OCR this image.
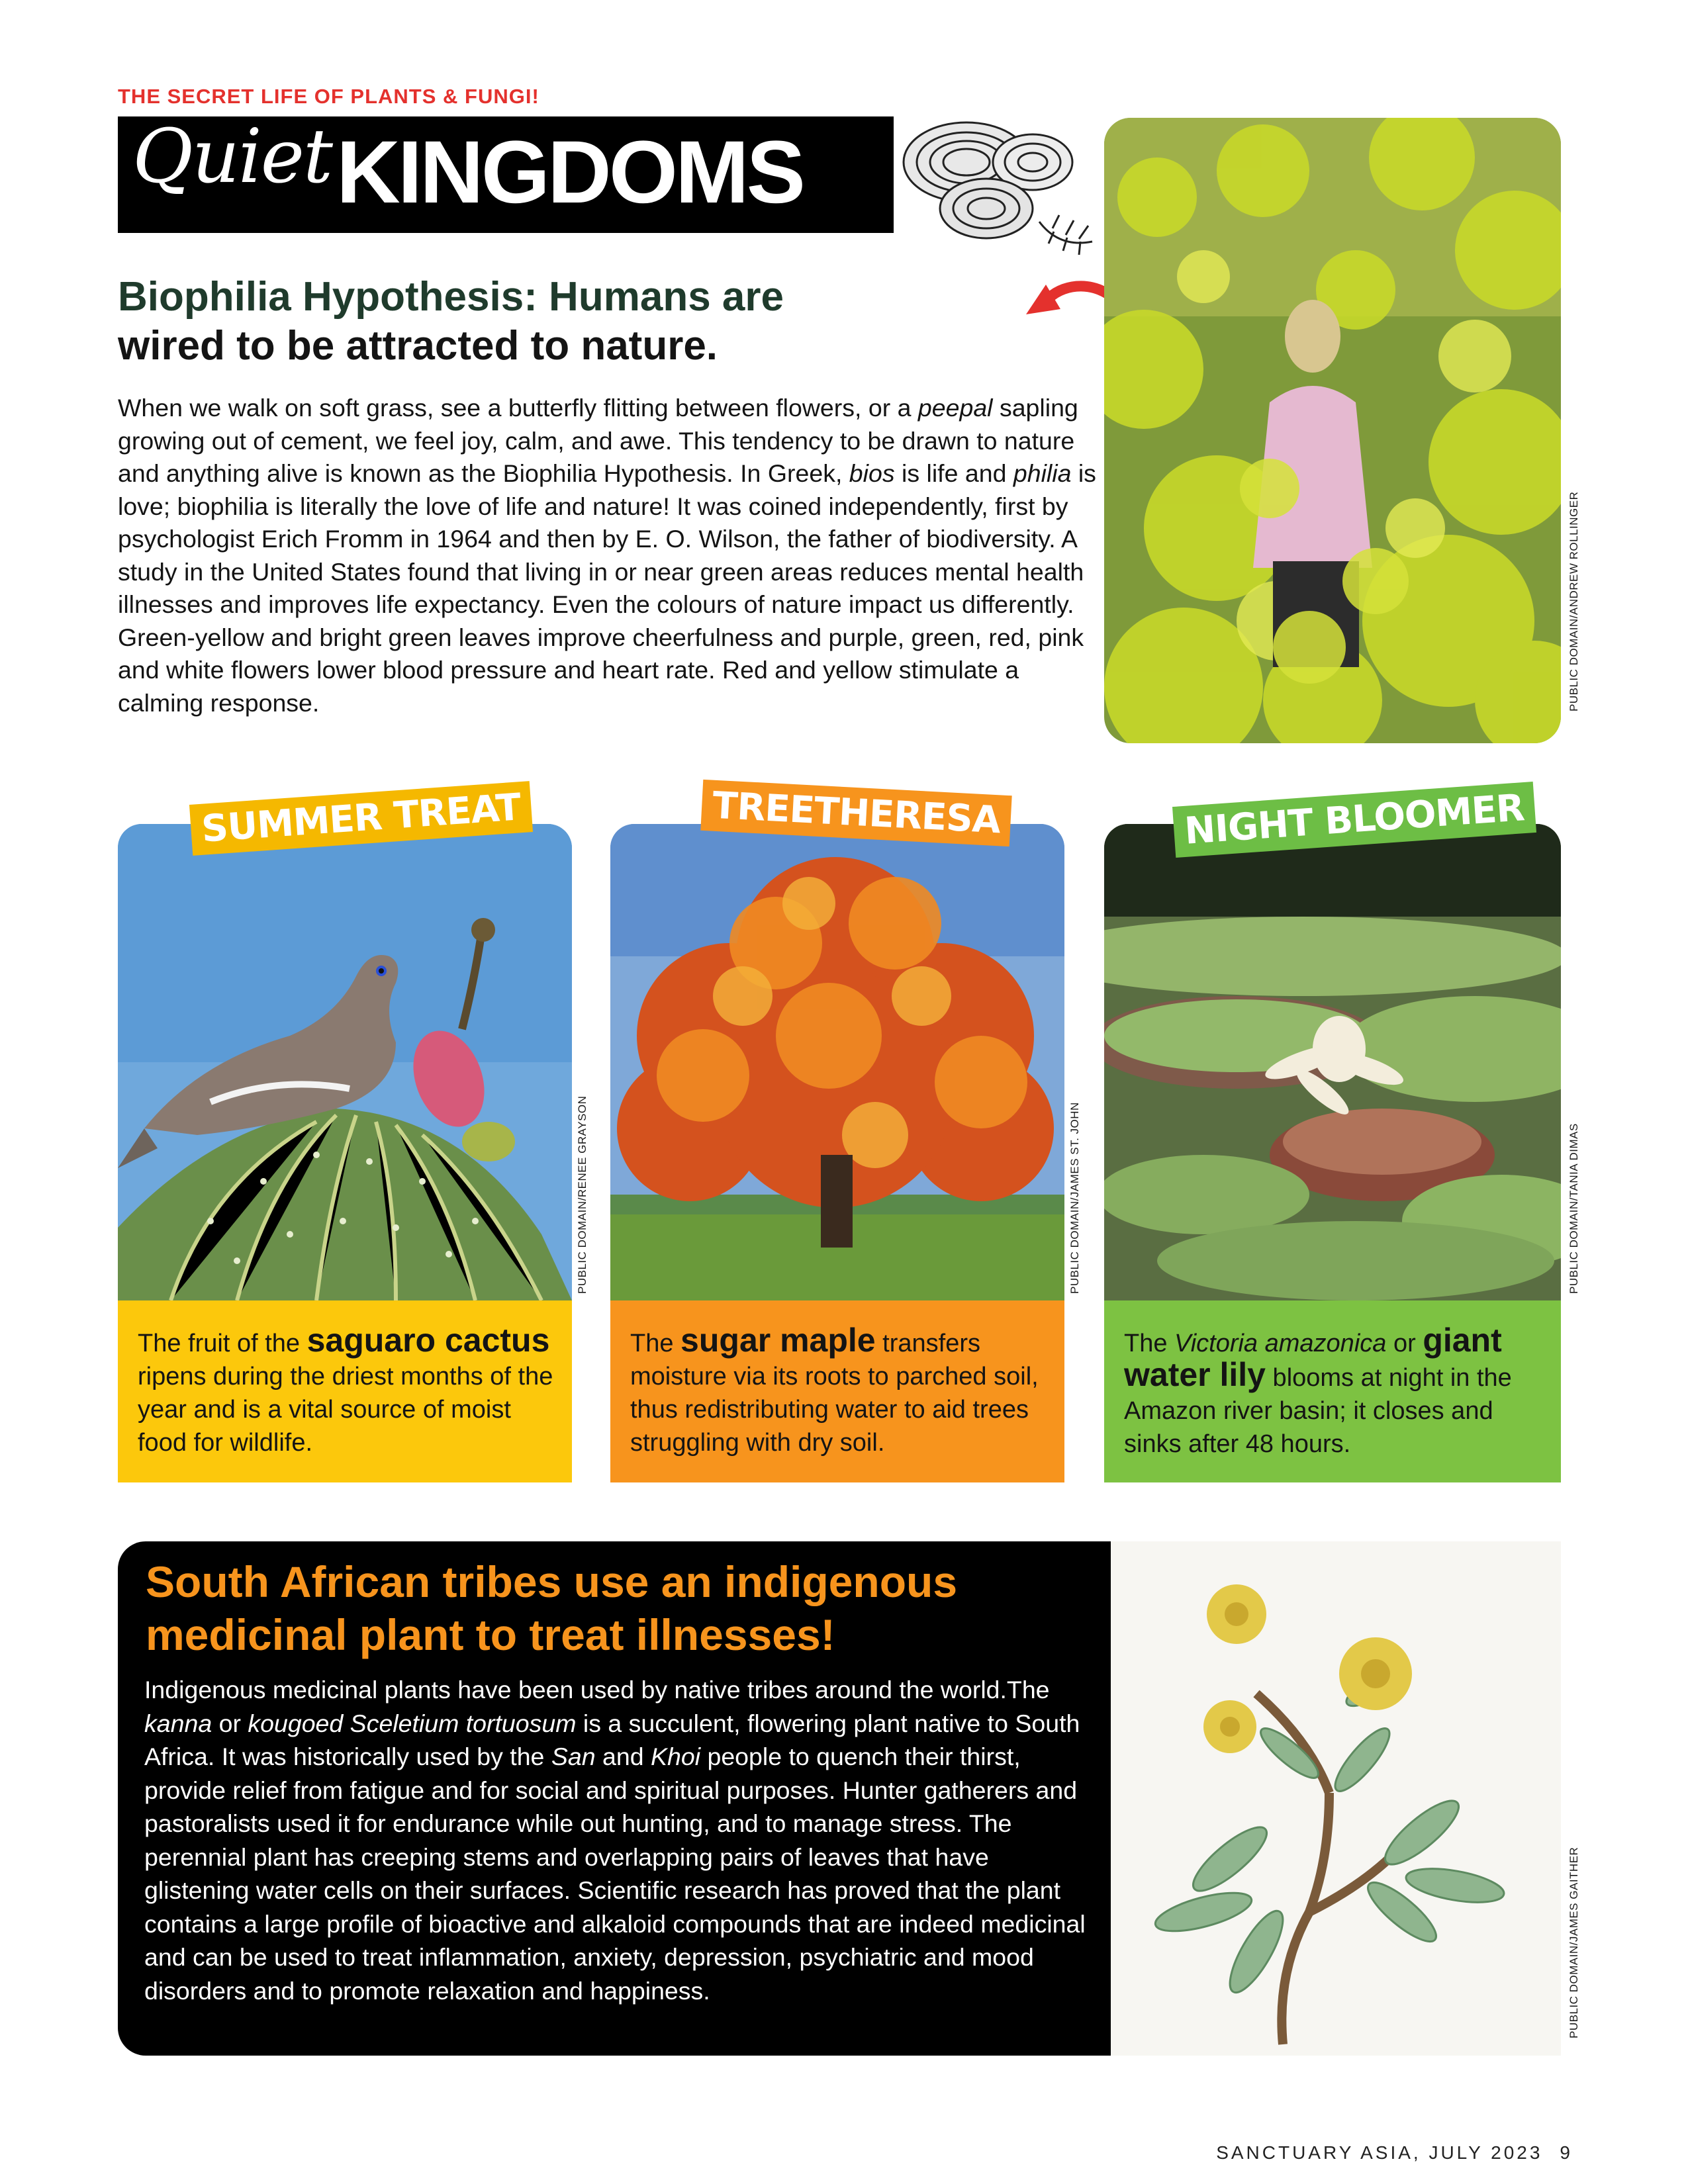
THE SECRET LIFE OF PLANTS & FUNGI!
Quiet KINGDOMS
Biophilia Hypothesis: Humans are
wired to be attracted to nature.
When we walk on soft grass, see a butterfly flitting between flowers, or a peepal sapling growing out of cement, we feel joy, calm, and awe. This tendency to be drawn to nature and anything alive is known as the Biophilia Hypothesis. In Greek, bios is life and philia is love; biophilia is literally the love of life and nature! It was coined independently, first by psychologist Erich Fromm in 1964 and then by E. O. Wilson, the father of biodiversity. A study in the United States found that living in or near green areas reduces mental health illnesses and improves life expectancy. Even the colours of nature impact us differently. Green-yellow and bright green leaves improve cheerfulness and purple, green, red, pink and white flowers lower blood pressure and heart rate. Red and yellow stimulate a calming response.	PUBLIC DOMAIN/ANDREW ROLLINGER
PUBLIC DOMAIN/RENEE GRAYSON
The fruit of the saguaro cactus ripens during the driest months of the year and is a vital source of moist food for wildlife.
SUMMER TREAT
PUBLIC DOMAIN/JAMES ST. JOHN
The sugar maple transfers moisture via its roots to parched soil, thus redistributing water to aid trees struggling with dry soil.
TREETHERESA
PUBLIC DOMAIN/TANIA DIMAS
The Victoria amazonica or giant water lily blooms at night in the Amazon river basin; it closes and sinks after 48 hours.
NIGHT BLOOMER
South African tribes use an indigenous medicinal plant to treat illnesses!
Indigenous medicinal plants have been used by native tribes around the world.The kanna or kougoed Sceletium tortuosum is a succulent, flowering plant native to South Africa. It was historically used by the San and Khoi people to quench their thirst, provide relief from fatigue and for social and spiritual purposes. Hunter gatherers and pastoralists used it for endurance while out hunting, and to manage stress. The perennial plant has creeping stems and overlapping pairs of leaves that have glistening water cells on their surfaces. Scientific research has proved that the plant contains a large profile of bioactive and alkaloid compounds that are indeed medicinal and can be used to treat inflammation, anxiety, depression, psychiatric and mood disorders and to promote relaxation and happiness.	PUBLIC DOMAIN/JAMES GAITHER
SANCTUARY ASIA, JULY 2023 9
